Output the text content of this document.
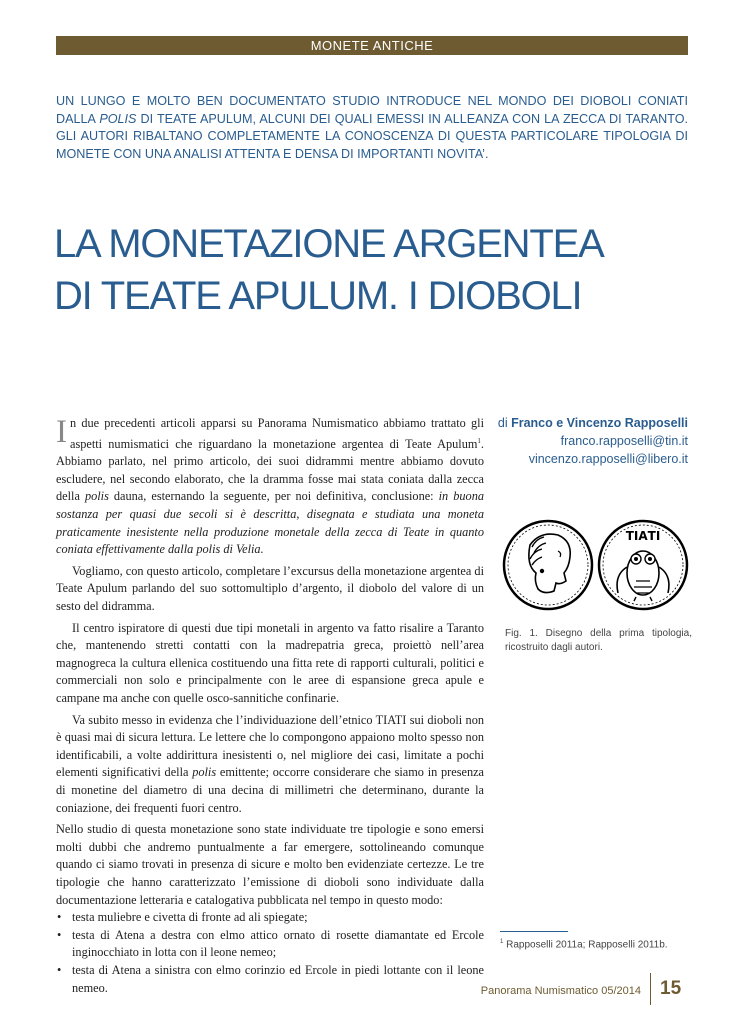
MONETE ANTICHE
UN LUNGO E MOLTO BEN DOCUMENTATO STUDIO INTRODUCE NEL MONDO DEI DIOBOLI CONIATI DALLA POLIS DI TEATE APULUM, ALCUNI DEI QUALI EMESSI IN ALLEANZA CON LA ZECCA DI TARANTO. GLI AUTORI RIBALTANO COMPLETAMENTE LA CONOSCENZA DI QUESTA PARTICOLARE TIPOLOGIA DI MONETE CON UNA ANALISI ATTENTA E DENSA DI IMPORTANTI NOVITA’.
LA MONETAZIONE ARGENTEA
DI TEATE APULUM. I DIOBOLI

In due precedenti articoli apparsi su Panorama Numismatico abbiamo trattato gli aspetti numismatici che riguardano la monetazione argentea di Teate Apulum$^1$. Abbiamo parlato, nel primo articolo, dei suoi didrammi mentre abbiamo dovuto escludere, nel secondo elaborato, che la dramma fosse mai stata coniata dalla zecca della polis dauna, esternando la seguente, per noi definitiva, conclusione: in buona sostanza per quasi due secoli si è descritta, disegnata e studiata una moneta praticamente inesistente nella produzione monetale della zecca di Teate in quanto coniata effettivamente dalla polis di Velia.

Vogliamo, con questo articolo, completare l’excursus della monetazione argentea di Teate Apulum parlando del suo sottomultiplo d’argento, il diobolo del valore di un sesto del didramma.

Il centro ispiratore di questi due tipi monetali in argento va fatto risalire a Taranto che, mantenendo stretti contatti con la madrepatria greca, proiettò nell’area magnogreca la cultura ellenica costituendo una fitta rete di rapporti culturali, politici e commerciali non solo e principalmente con le aree di espansione greca apule e campane ma anche con quelle osco-sannitiche confinarie.

Va subito messo in evidenza che l’individuazione dell’etnico TIATI sui dioboli non è quasi mai di sicura lettura. Le lettere che lo compongono appaiono molto spesso non identificabili, a volte addirittura inesistenti o, nel migliore dei casi, limitate a pochi elementi significativi della polis emittente; occorre considerare che siamo in presenza di monetine del diametro di una decina di millimetri che determinano, durante la coniazione, dei frequenti fuori centro.

Nello studio di questa monetazione sono state individuate tre tipologie e sono emersi molti dubbi che andremo puntualmente a far emergere, sottolineando comunque quando ci siamo trovati in presenza di sicure e molto ben evidenziate certezze. Le tre tipologie che hanno caratterizzato l’emissione di dioboli sono individuate dalla documentazione letteraria e catalogativa pubblicata nel tempo in questo modo:

• testa muliebre e civetta di fronte ad ali spiegate;
• testa di Atena a destra con elmo attico ornato di rosette diamantate ed Ercole inginocchiato in lotta con il leone nemeo;
• testa di Atena a sinistra con elmo corinzio ed Ercole in piedi lottante con il leone nemeo.
di Franco e Vincenzo Rapposelli
franco.rapposelli@tin.it
vincenzo.rapposelli@libero.it
ΤΙΑΤΙ
Fig. 1. Disegno della prima tipologia, ricostruito dagli autori.
$^1$ Rapposelli 2011a; Rapposelli 2011b.
Panorama Numismatico 05/2014 15
